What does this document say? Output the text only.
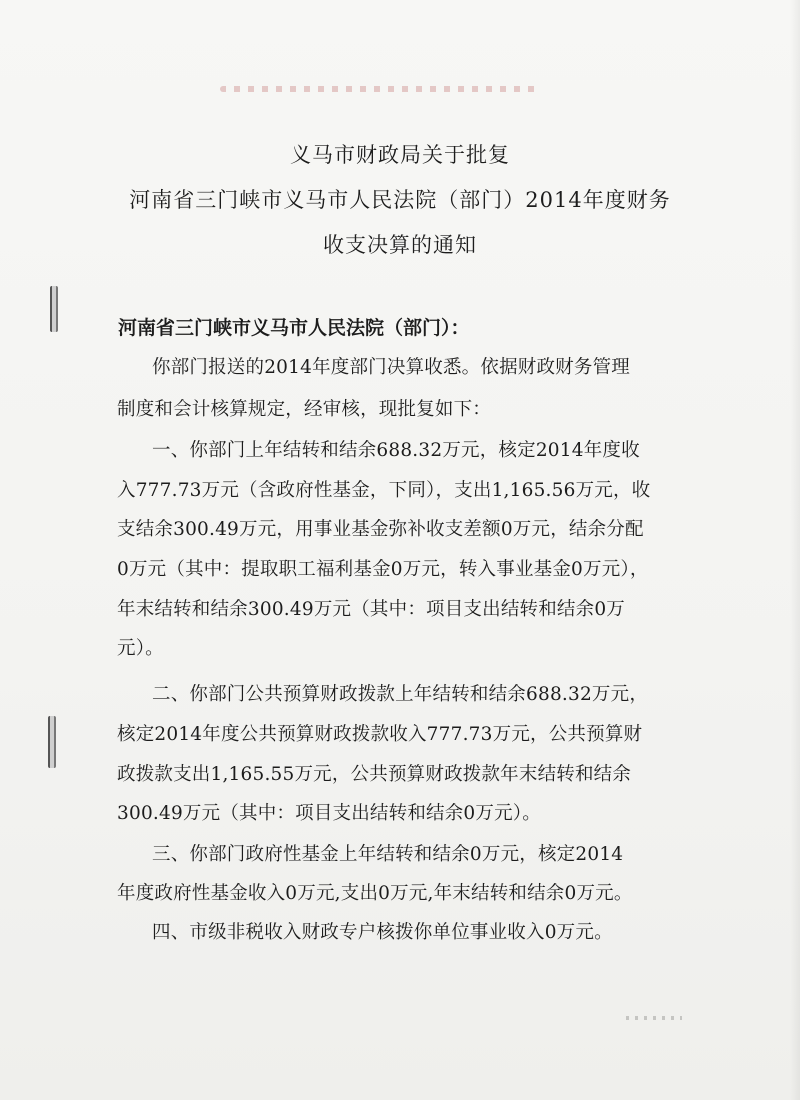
义马市财政局关于批复
河南省三门峡市义马市人民法院（部门）2014年度财务
收支决算的通知
河南省三门峡市义马市人民法院（部门）：
你部门报送的2014年度部门决算收悉。依据财政财务管理
制度和会计核算规定，经审核，现批复如下：
一、你部门上年结转和结余688.32万元，核定2014年度收
入777.73万元（含政府性基金，下同），支出1,165.56万元，收
支结余300.49万元，用事业基金弥补收支差额0万元，结余分配
0万元（其中：提取职工福利基金0万元，转入事业基金0万元），
年末结转和结余300.49万元（其中：项目支出结转和结余0万
元）。
二、你部门公共预算财政拨款上年结转和结余688.32万元，
核定2014年度公共预算财政拨款收入777.73万元，公共预算财
政拨款支出1,165.55万元，公共预算财政拨款年末结转和结余
300.49万元（其中：项目支出结转和结余0万元）。
三、你部门政府性基金上年结转和结余0万元，核定2014
年度政府性基金收入0万元,支出0万元,年末结转和结余0万元。
四、市级非税收入财政专户核拨你单位事业收入0万元。
